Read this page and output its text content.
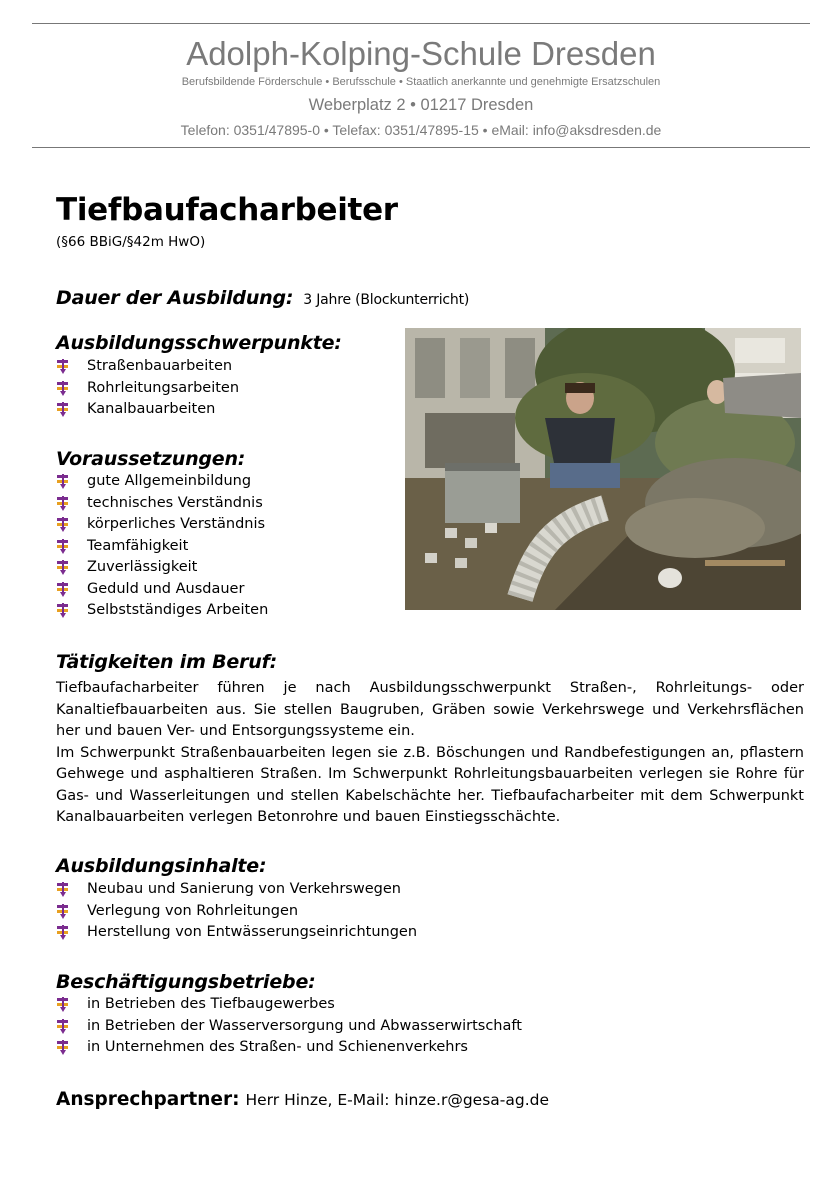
Adolph-Kolping-Schule Dresden
Berufsbildende Förderschule • Berufsschule • Staatlich anerkannte und genehmigte Ersatzschulen
Weberplatz 2 • 01217 Dresden
Telefon: 0351/47895-0 • Telefax: 0351/47895-15 • eMail: info@aksdresden.de
Tiefbaufacharbeiter
(§66 BBiG/§42m HwO)
Dauer der Ausbildung: 3 Jahre (Blockunterricht)
Ausbildungsschwerpunkte:
Straßenbauarbeiten
Rohrleitungsarbeiten
Kanalbauarbeiten
Voraussetzungen:
gute Allgemeinbildung
technisches Verständnis
körperliches Verständnis
Teamfähigkeit
Zuverlässigkeit
Geduld und Ausdauer
Selbstständiges Arbeiten
Tätigkeiten im Beruf:

Tiefbaufacharbeiter führen je nach Ausbildungsschwerpunkt Straßen-, Rohrleitungs- oder Kanaltiefbauarbeiten aus. Sie stellen Baugruben, Gräben sowie Verkehrswege und Verkehrsflächen her und bauen Ver- und Entsorgungssysteme ein.

Im Schwerpunkt Straßenbauarbeiten legen sie z.B. Böschungen und Randbefestigungen an, pflastern Gehwege und asphaltieren Straßen. Im Schwerpunkt Rohrleitungsbauarbeiten verlegen sie Rohre für Gas- und Wasserleitungen und stellen Kabelschächte her. Tiefbaufacharbeiter mit dem Schwerpunkt Kanalbauarbeiten verlegen Betonrohre und bauen Einstiegsschächte.

Ausbildungsinhalte:
Neubau und Sanierung von Verkehrswegen
Verlegung von Rohrleitungen
Herstellung von Entwässerungseinrichtungen
Beschäftigungsbetriebe:
in Betrieben des Tiefbaugewerbes
in Betrieben der Wasserversorgung und Abwasserwirtschaft
in Unternehmen des Straßen- und Schienenverkehrs
Ansprechpartner: Herr Hinze, E-Mail: hinze.r@gesa-ag.de
